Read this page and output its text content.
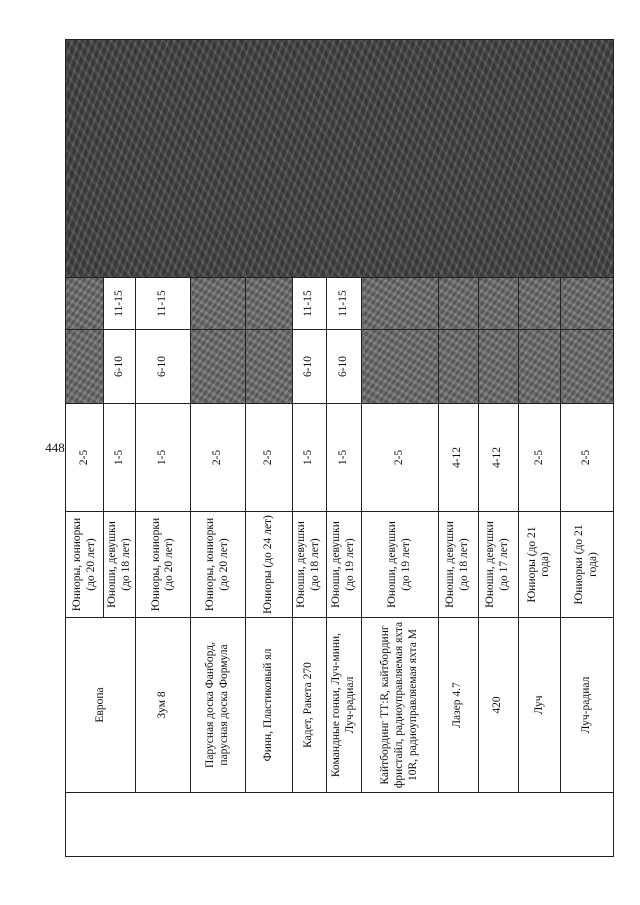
448
	Европа	Юниоры, юниорки (до 20 лет)	2-5			
		Юноши, девушки (до 18 лет)	1-5	6-10	11-15	
	Зум 8	Юниоры, юниорки (до 20 лет)	1-5	6-10	11-15	
	Парусная доска Фанборд, парусная доска Формула	Юниоры, юниорки (до 20 лет)	2-5			
	Финн, Пластиковый ял	Юниоры (до 24 лет)	2-5			
	Кадет, Ракета 270	Юноши, девушки (до 18 лет)	1-5	6-10	11-15	
	Командные гонки, Луч-мини, Луч-радиал	Юноши, девушки (до 19 лет)	1-5	6-10	11-15	
	Кайтбординг ТТ:R, кайтбординг фристайл, радиоуправляемая яхта 10R, радиоуправляемая яхта М	Юноши, девушки (до 19 лет)	2-5			
	Лазер 4.7	Юноши, девушки (до 18 лет)	4-12			
	420	Юноши, девушки (до 17 лет)	4-12			
	Луч	Юниоры (до 21 года)	2-5			
	Луч-радиал	Юниорки (до 21 года)	2-5			
